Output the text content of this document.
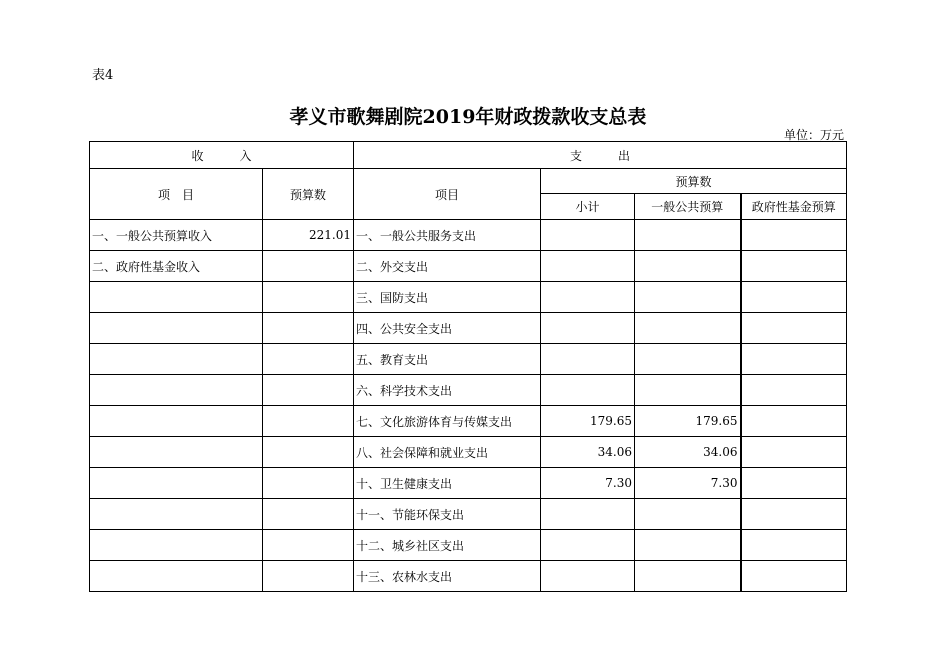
表4
孝义市歌舞剧院2019年财政拨款收支总表
单位：万元
收　　　入		支　　　出			
项　目	预算数	项目	预算数		
			小计	一般公共预算	政府性基金预算
一、一般公共预算收入	221.01	一、一般公共服务支出			
二、政府性基金收入		二、外交支出			
		三、国防支出			
		四、公共安全支出			
		五、教育支出			
		六、科学技术支出			
		七、文化旅游体育与传媒支出	179.65	179.65	
		八、社会保障和就业支出	34.06	34.06	
		十、卫生健康支出	7.30	7.30	
		十一、节能环保支出			
		十二、城乡社区支出			
		十三、农林水支出			
